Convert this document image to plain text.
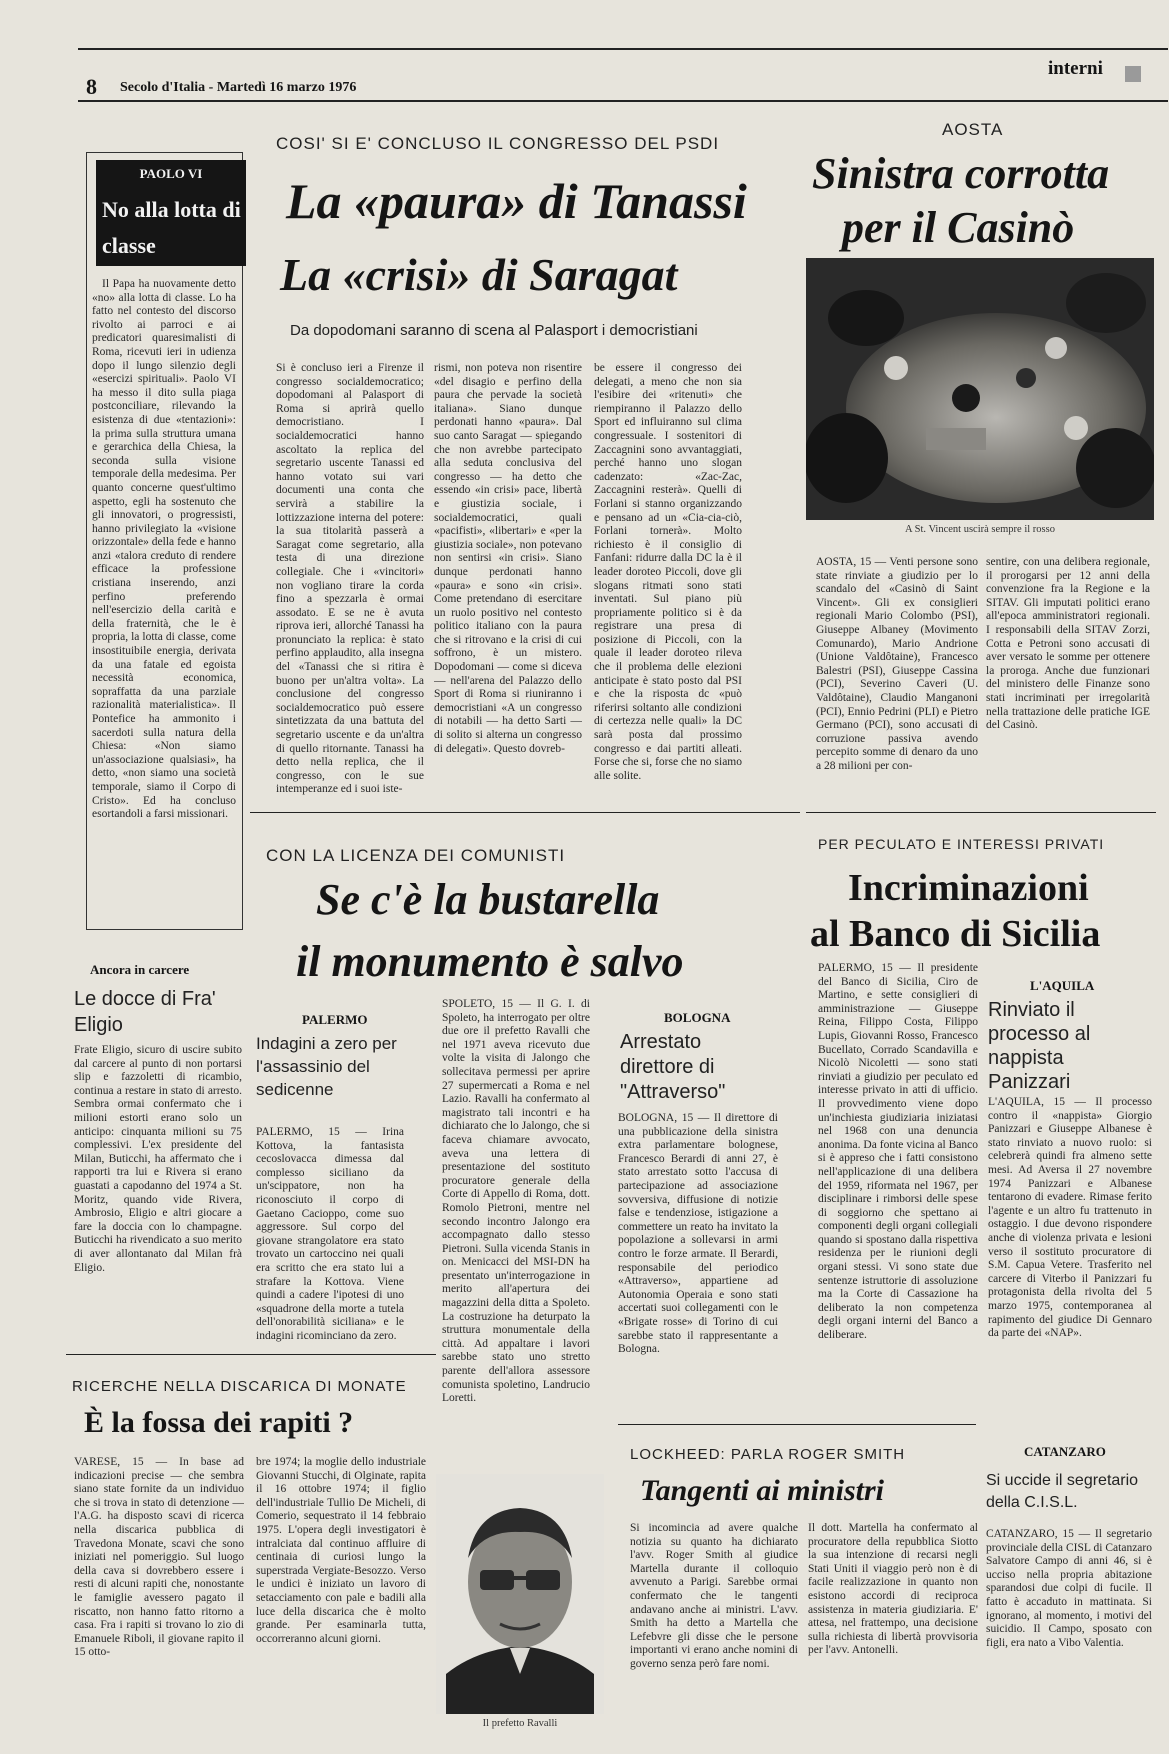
8 Secolo d'Italia - Martedì 16 marzo 1976
interni
PAOLO VI
No alla lotta di classe
Il Papa ha nuovamente detto «no» alla lotta di classe. Lo ha fatto nel contesto del discorso rivolto ai parroci e ai predicatori quaresimalisti di Roma, ricevuti ieri in udienza dopo il lungo silenzio degli «esercizi spirituali». Paolo VI ha messo il dito sulla piaga postconciliare, rilevando la esistenza di due «tentazioni»: la prima sulla struttura umana e gerarchica della Chiesa, la seconda sulla visione temporale della medesima. Per quanto concerne quest'ultimo aspetto, egli ha sostenuto che gli innovatori, o progressisti, hanno privilegiato la «visione orizzontale» della fede e hanno anzi «talora creduto di rendere efficace la professione cristiana inserendo, anzi perfino preferendo nell'esercizio della carità e della fraternità, che le è propria, la lotta di classe, come insostituibile energia, derivata da una fatale ed egoista necessità economica, sopraffatta da una parziale razionalità materialistica». Il Pontefice ha ammonito i sacerdoti sulla natura della Chiesa: «Non siamo un'associazione qualsiasi», ha detto, «non siamo una società temporale, siamo il Corpo di Cristo». Ed ha concluso esortandoli a farsi missionari.
COSI' SI E' CONCLUSO IL CONGRESSO DEL PSDI
La «paura» di Tanassi
La «crisi» di Saragat
Da dopodomani saranno di scena al Palasport i democristiani
Si è concluso ieri a Firenze il congresso socialdemocratico; dopodomani al Palasport di Roma si aprirà quello democristiano. I socialdemocratici hanno ascoltato la replica del segretario uscente Tanassi ed hanno votato sui vari documenti una conta che servirà a stabilire la lottizzazione interna del potere: la sua titolarità passerà a Saragat come segretario, alla testa di una direzione collegiale. Che i «vincitori» non vogliano tirare la corda fino a spezzarla è ormai assodato. E se ne è avuta riprova ieri, allorché Tanassi ha pronunciato la replica: è stato perfino applaudito, alla insegna del «Tanassi che si ritira è buono per un'altra volta». La conclusione del congresso socialdemocratico può essere sintetizzata da una battuta del segretario uscente e da un'altra di quello ritornante. Tanassi ha detto nella replica, che il congresso, con le sue intemperanze ed i suoi iste-
rismi, non poteva non risentire «del disagio e perfino della paura che pervade la società italiana». Siano dunque perdonati hanno «paura». Dal suo canto Saragat — spiegando che non avrebbe partecipato alla seduta conclusiva del congresso — ha detto che essendo «in crisi» pace, libertà e giustizia sociale, i socialdemocratici, quali «pacifisti», «libertari» e «per la giustizia sociale», non potevano non sentirsi «in crisi». Siano dunque perdonati hanno «paura» e sono «in crisi». Come pretendano di esercitare un ruolo positivo nel contesto politico italiano con la paura che si ritrovano e la crisi di cui soffrono, è un mistero. Dopodomani — come si diceva — nell'arena del Palazzo dello Sport di Roma si riuniranno i democristiani «A un congresso di notabili — ha detto Sarti — di solito si alterna un congresso di delegati». Questo dovreb-
be essere il congresso dei delegati, a meno che non sia l'esibire dei «ritenuti» che riempiranno il Palazzo dello Sport ed influiranno sul clima congressuale. I sostenitori di Zaccagnini sono avvantaggiati, perché hanno uno slogan cadenzato: «Zac-Zac, Zaccagnini resterà». Quelli di Forlani si stanno organizzando e pensano ad un «Cia-cia-ciò, Forlani tornerà». Molto richiesto è il consiglio di Fanfani: ridurre dalla DC la è il leader doroteo Piccoli, dove gli slogans ritmati sono stati inventati. Sul piano più propriamente politico si è da registrare una presa di posizione di Piccoli, con la quale il leader doroteo rileva che il problema delle elezioni anticipate è stato posto dal PSI e che la risposta dc «può riferirsi soltanto alle condizioni di certezza nelle quali» la DC sarà posta dal prossimo congresso e dai partiti alleati. Forse che si, forse che no siamo alle solite.
AOSTA
Sinistra corrotta
per il Casinò
A St. Vincent uscirà sempre il rosso
AOSTA, 15 — Venti persone sono state rinviate a giudizio per lo scandalo del «Casinò di Saint Vincent». Gli ex consiglieri regionali Mario Colombo (PSI), Giuseppe Albaney (Movimento Comunardo), Mario Andrione (Unione Valdôtaine), Francesco Balestri (PSI), Giuseppe Cassina (PCI), Severino Caveri (U. Valdôtaine), Claudio Manganoni (PCI), Ennio Pedrini (PLI) e Pietro Germano (PCI), sono accusati di corruzione passiva avendo percepito somme di denaro da uno a 28 milioni per con-
sentire, con una delibera regionale, il prorogarsi per 12 anni della convenzione fra la Regione e la SITAV. Gli imputati politici erano all'epoca amministratori regionali. I responsabili della SITAV Zorzi, Cotta e Petroni sono accusati di aver versato le somme per ottenere la proroga. Anche due funzionari del ministero delle Finanze sono stati incriminati per irregolarità nella trattazione delle pratiche IGE del Casinò.
CON LA LICENZA DEI COMUNISTI
Se c'è la bustarella
il monumento è salvo
PER PECULATO E INTERESSI PRIVATI
Incriminazioni
al Banco di Sicilia
PALERMO, 15 — Il presidente del Banco di Sicilia, Ciro de Martino, e sette consiglieri di amministrazione — Giuseppe Reina, Filippo Costa, Filippo Lupis, Giovanni Rosso, Francesco Bucellato, Corrado Scandavilla e Nicolò Nicoletti — sono stati rinviati a giudizio per peculato ed interesse privato in atti di ufficio. Il provvedimento viene dopo un'inchiesta giudiziaria iniziatasi nel 1968 con una denuncia anonima. Da fonte vicina al Banco si è appreso che i fatti consistono nell'applicazione di una delibera del 1959, riformata nel 1967, per disciplinare i rimborsi delle spese di soggiorno che spettano ai componenti degli organi collegiali quando si spostano dalla rispettiva residenza per le riunioni degli organi stessi. Vi sono state due sentenze istruttorie di assoluzione ma la Corte di Cassazione ha deliberato la non competenza degli organi interni del Banco a deliberare.
L'AQUILA
Rinviato il processo al nappista Panizzari
L'AQUILA, 15 — Il processo contro il «nappista» Giorgio Panizzari e Giuseppe Albanese è stato rinviato a nuovo ruolo: si celebrerà quindi fra almeno sette mesi. Ad Aversa il 27 novembre 1974 Panizzari e Albanese tentarono di evadere. Rimase ferito l'agente e un altro fu trattenuto in ostaggio. I due devono rispondere anche di violenza privata e lesioni verso il sostituto procuratore di S.M. Capua Vetere. Trasferito nel carcere di Viterbo il Panizzari fu protagonista della rivolta del 5 marzo 1975, contemporanea al rapimento del giudice Di Gennaro da parte dei «NAP».
Ancora in carcere
Le docce di Fra' Eligio
Frate Eligio, sicuro di uscire subito dal carcere al punto di non portarsi slip e fazzoletti di ricambio, continua a restare in stato di arresto. Sembra ormai confermato che i milioni estorti erano solo un anticipo: cinquanta milioni su 75 complessivi. L'ex presidente del Milan, Buticchi, ha affermato che i rapporti tra lui e Rivera si erano guastati a capodanno del 1974 a St. Moritz, quando vide Rivera, Ambrosio, Eligio e altri giocare a fare la doccia con lo champagne. Buticchi ha rivendicato a suo merito di aver allontanato dal Milan frà Eligio.
PALERMO
Indagini a zero per l'assassinio del sedicenne
PALERMO, 15 — Irina Kottova, la fantasista cecoslovacca dimessa dal complesso siciliano da un'scippatore, non ha riconosciuto il corpo di Gaetano Cacioppo, come suo aggressore. Sul corpo del giovane strangolatore era stato trovato un cartoccino nei quali era scritto che era stato lui a strafare la Kottova. Viene quindi a cadere l'ipotesi di uno «squadrone della morte a tutela dell'onorabilità siciliana» e le indagini ricominciano da zero.
SPOLETO, 15 — Il G. I. di Spoleto, ha interrogato per oltre due ore il prefetto Ravalli che nel 1971 aveva ricevuto due volte la visita di Jalongo che sollecitava permessi per aprire 27 supermercati a Roma e nel Lazio. Ravalli ha confermato al magistrato tali incontri e ha dichiarato che lo Jalongo, che si faceva chiamare avvocato, aveva una lettera di presentazione del sostituto procuratore generale della Corte di Appello di Roma, dott. Romolo Pietroni, mentre nel secondo incontro Jalongo era accompagnato dallo stesso Pietroni. Sulla vicenda Stanis in on. Menicacci del MSI-DN ha presentato un'interrogazione in merito all'apertura dei magazzini della ditta a Spoleto. La costruzione ha deturpato la struttura monumentale della città. Ad appaltare i lavori sarebbe stato uno stretto parente dell'allora assessore comunista spoletino, Landrucio Loretti.
BOLOGNA
Arrestato direttore di "Attraverso"
BOLOGNA, 15 — Il direttore di una pubblicazione della sinistra extra parlamentare bolognese, Francesco Berardi di anni 27, è stato arrestato sotto l'accusa di partecipazione ad associazione sovversiva, diffusione di notizie false e tendenziose, istigazione a commettere un reato ha invitato la popolazione a sollevarsi in armi contro le forze armate. Il Berardi, responsabile del periodico «Attraverso», appartiene ad Autonomia Operaia e sono stati accertati suoi collegamenti con le «Brigate rosse» di Torino di cui sarebbe stato il rappresentante a Bologna.
RICERCHE NELLA DISCARICA DI MONATE
È la fossa dei rapiti ?
VARESE, 15 — In base ad indicazioni precise — che sembra siano state fornite da un individuo che si trova in stato di detenzione — l'A.G. ha disposto scavi di ricerca nella discarica pubblica di Travedona Monate, scavi che sono iniziati nel pomeriggio. Sul luogo della cava si dovrebbero essere i resti di alcuni rapiti che, nonostante le famiglie avessero pagato il riscatto, non hanno fatto ritorno a casa. Fra i rapiti si trovano lo zio di Emanuele Riboli, il giovane rapito il 15 otto-
bre 1974; la moglie dello industriale Giovanni Stucchi, di Olginate, rapita il 16 ottobre 1974; il figlio dell'industriale Tullio De Micheli, di Comerio, sequestrato il 14 febbraio 1975. L'opera degli investigatori è intralciata dal continuo affluire di centinaia di curiosi lungo la superstrada Vergiate-Besozzo. Verso le undici è iniziato un lavoro di setacciamento con pale e badili alla luce della discarica che è molto grande. Per esaminarla tutta, occorreranno alcuni giorni.
Il prefetto Ravalli
LOCKHEED: PARLA ROGER SMITH
Tangenti ai ministri
Si incomincia ad avere qualche notizia su quanto ha dichiarato l'avv. Roger Smith al giudice Martella durante il colloquio avvenuto a Parigi. Sarebbe ormai confermato che le tangenti andavano anche ai ministri. L'avv. Smith ha detto a Martella che Lefebvre gli disse che le persone importanti vi erano anche nomini di governo senza però fare nomi.
Il dott. Martella ha confermato al procuratore della repubblica Siotto la sua intenzione di recarsi negli Stati Uniti il viaggio però non è di facile realizzazione in quanto non esistono accordi di reciproca assistenza in materia giudiziaria. E' attesa, nel frattempo, una decisione sulla richiesta di libertà provvisoria per l'avv. Antonelli.
CATANZARO
Si uccide il segretario della C.I.S.L.
CATANZARO, 15 — Il segretario provinciale della CISL di Catanzaro Salvatore Campo di anni 46, si è ucciso nella propria abitazione sparandosi due colpi di fucile. Il fatto è accaduto in mattinata. Si ignorano, al momento, i motivi del suicidio. Il Campo, sposato con figli, era nato a Vibo Valentia.
